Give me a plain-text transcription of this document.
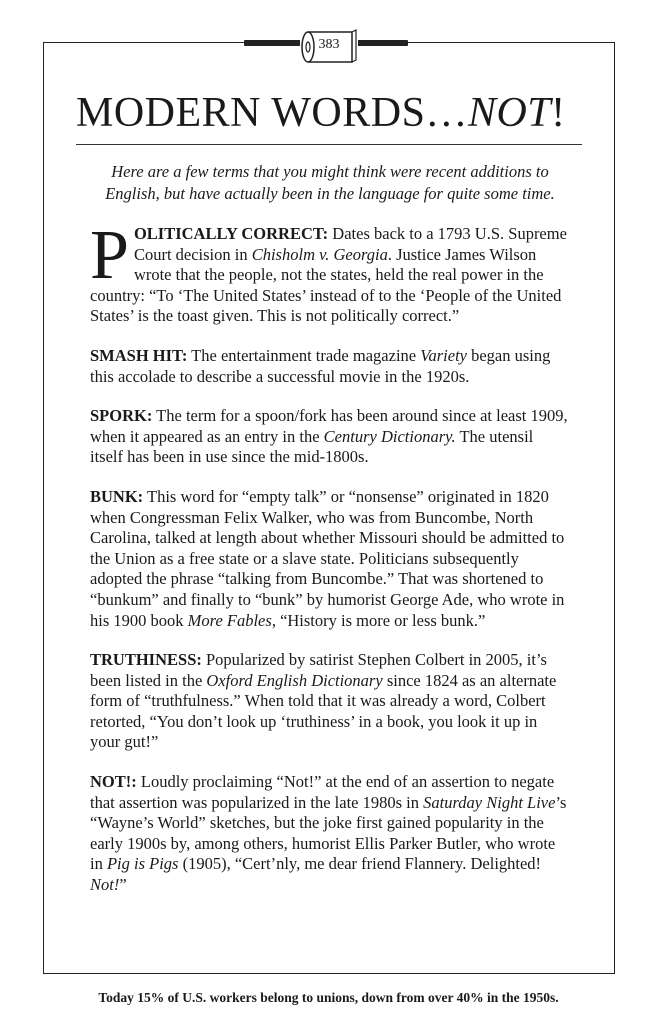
383
MODERN WORDS…NOT!

Here are a few terms that you might think were recent additions to English, but have actually been in the language for quite some time.

POLITICALLY CORRECT: Dates back to a 1793 U.S. Supreme Court decision in Chisholm v. Georgia. Justice James Wilson wrote that the people, not the states, held the real power in the country: “To ‘The United States’ instead of to the ‘People of the United States’ is the toast given. This is not politically correct.”

SMASH HIT: The entertainment trade magazine Variety began using this accolade to describe a successful movie in the 1920s.

SPORK: The term for a spoon/fork has been around since at least 1909, when it appeared as an entry in the Century Dictionary. The utensil itself has been in use since the mid-1800s.

BUNK: This word for “empty talk” or “nonsense” originated in 1820 when Congressman Felix Walker, who was from Buncombe, North Carolina, talked at length about whether Missouri should be admitted to the Union as a free state or a slave state. Politicians subsequently adopted the phrase “talking from Buncombe.” That was shortened to “bunkum” and finally to “bunk” by humorist George Ade, who wrote in his 1900 book More Fables, “History is more or less bunk.”

TRUTHINESS: Popularized by satirist Stephen Colbert in 2005, it’s been listed in the Oxford English Dictionary since 1824 as an alternate form of “truthfulness.” When told that it was already a word, Colbert retorted, “You don’t look up ‘truthiness’ in a book, you look it up in your gut!”

NOT!: Loudly proclaiming “Not!” at the end of an assertion to negate that assertion was popularized in the late 1980s in Saturday Night Live’s “Wayne’s World” sketches, but the joke first gained popularity in the early 1900s by, among others, humorist Ellis Parker Butler, who wrote in Pig is Pigs (1905), “Cert’nly, me dear friend Flannery. Delighted! Not!”

Today 15% of U.S. workers belong to unions, down from over 40% in the 1950s.
